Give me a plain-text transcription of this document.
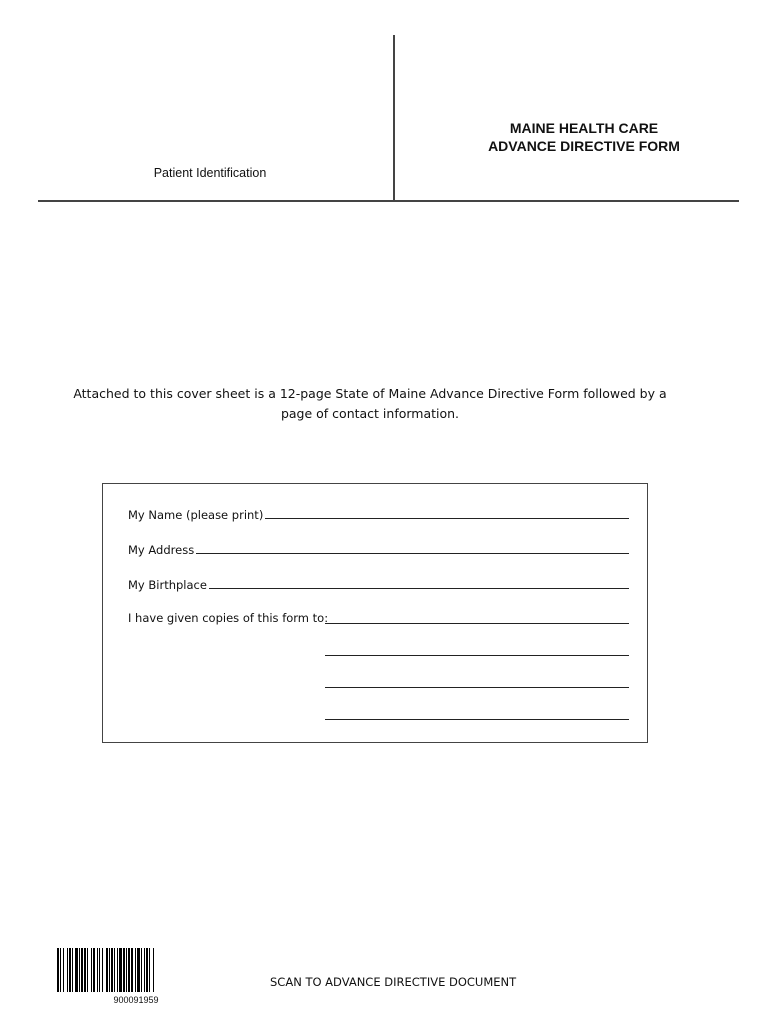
Patient Identification
MAINE HEALTH CARE
ADVANCE DIRECTIVE FORM
Attached to this cover sheet is a 12-page State of Maine Advance Directive Form followed by a
page of contact information.
My Name (please print)
My Address
My Birthplace
I have given copies of this form to:
900091959
SCAN TO ADVANCE DIRECTIVE DOCUMENT
